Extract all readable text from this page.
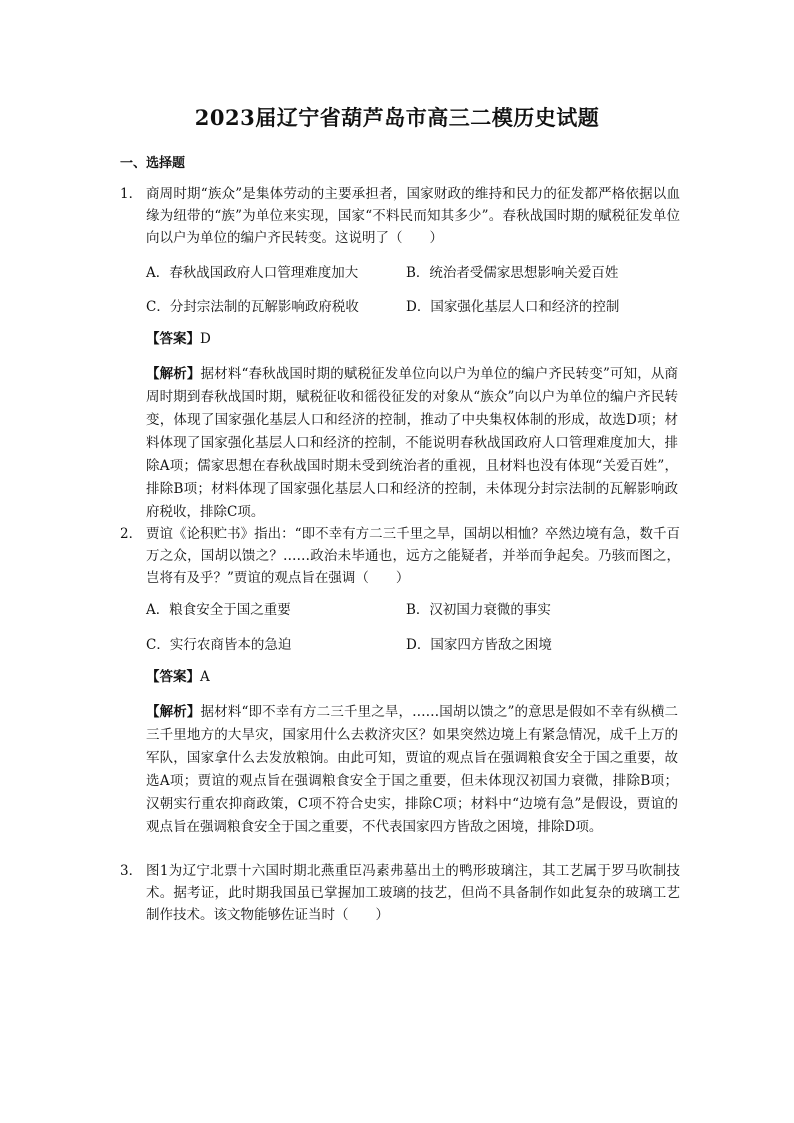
2023届辽宁省葫芦岛市高三二模历史试题
一、选择题
1． 商周时期“族众”是集体劳动的主要承担者，国家财政的维持和民力的征发都严格依据以血缘为纽带的“族”为单位来实现，国家“不料民而知其多少”。春秋战国时期的赋税征发单位向以户为单位的编户齐民转变。这说明了（　　）
A．春秋战国政府人口管理难度加大	B．统治者受儒家思想影响关爱百姓
C．分封宗法制的瓦解影响政府税收	D．国家强化基层人口和经济的控制
【答案】D
【解析】据材料“春秋战国时期的赋税征发单位向以户为单位的编户齐民转变”可知，从商周时期到春秋战国时期，赋税征收和徭役征发的对象从“族众”向以户为单位的编户齐民转变，体现了国家强化基层人口和经济的控制，推动了中央集权体制的形成，故选D项；材料体现了国家强化基层人口和经济的控制，不能说明春秋战国政府人口管理难度加大，排除A项；儒家思想在春秋战国时期未受到统治者的重视，且材料也没有体现“关爱百姓”，排除B项；材料体现了国家强化基层人口和经济的控制，未体现分封宗法制的瓦解影响政府税收，排除C项。
2． 贾谊《论积贮书》指出：“即不幸有方二三千里之旱，国胡以相恤？卒然边境有急，数千百万之众，国胡以馈之？……政治未毕通也，远方之能疑者，并举而争起矣。乃骇而图之，岂将有及乎？”贾谊的观点旨在强调（　　）
A．粮食安全于国之重要	B．汉初国力衰微的事实
C．实行农商皆本的急迫	D．国家四方皆敌之困境
【答案】A
【解析】据材料“即不幸有方二三千里之旱，……国胡以馈之”的意思是假如不幸有纵横二三千里地方的大旱灾，国家用什么去救济灾区？如果突然边境上有紧急情况，成千上万的军队，国家拿什么去发放粮饷。由此可知，贾谊的观点旨在强调粮食安全于国之重要，故选A项；贾谊的观点旨在强调粮食安全于国之重要，但未体现汉初国力衰微，排除B项；汉朝实行重农抑商政策，C项不符合史实，排除C项；材料中“边境有急”是假设，贾谊的观点旨在强调粮食安全于国之重要，不代表国家四方皆敌之困境，排除D项。
3． 图1为辽宁北票十六国时期北燕重臣冯素弗墓出土的鸭形玻璃注，其工艺属于罗马吹制技术。据考证，此时期我国虽已掌握加工玻璃的技艺，但尚不具备制作如此复杂的玻璃工艺制作技术。该文物能够佐证当时（　　）
